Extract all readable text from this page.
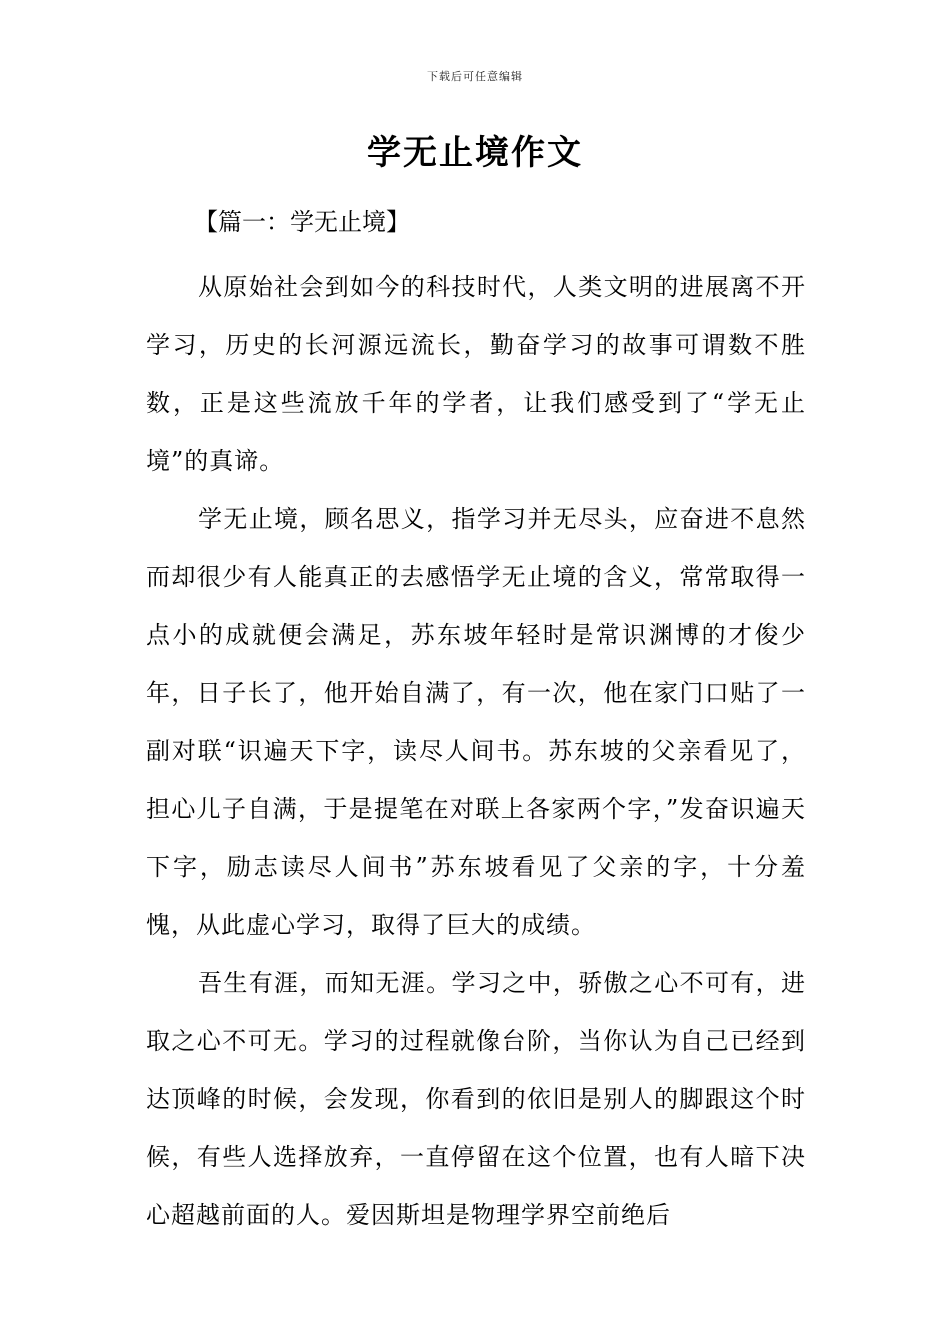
下载后可任意编辑
学无止境作文

【篇一：学无止境】

从原始社会到如今的科技时代，人类文明的进展离不开学习，历史的长河源远流长，勤奋学习的故事可谓数不胜数，正是这些流放千年的学者，让我们感受到了“学无止境”的真谛。

学无止境，顾名思义，指学习并无尽头，应奋进不息然而却很少有人能真正的去感悟学无止境的含义，常常取得一点小的成就便会满足，苏东坡年轻时是常识渊博的才俊少年，日子长了，他开始自满了，有一次，他在家门口贴了一副对联“识遍天下字，读尽人间书。苏东坡的父亲看见了，担心儿子自满，于是提笔在对联上各家两个字，”发奋识遍天下字，励志读尽人间书”苏东坡看见了父亲的字，十分羞愧，从此虚心学习，取得了巨大的成绩。

吾生有涯，而知无涯。学习之中，骄傲之心不可有，进取之心不可无。学习的过程就像台阶，当你认为自己已经到达顶峰的时候，会发现，你看到的依旧是别人的脚跟这个时候，有些人选择放弃，一直停留在这个位置，也有人暗下决心超越前面的人。爱因斯坦是物理学界空前绝后
